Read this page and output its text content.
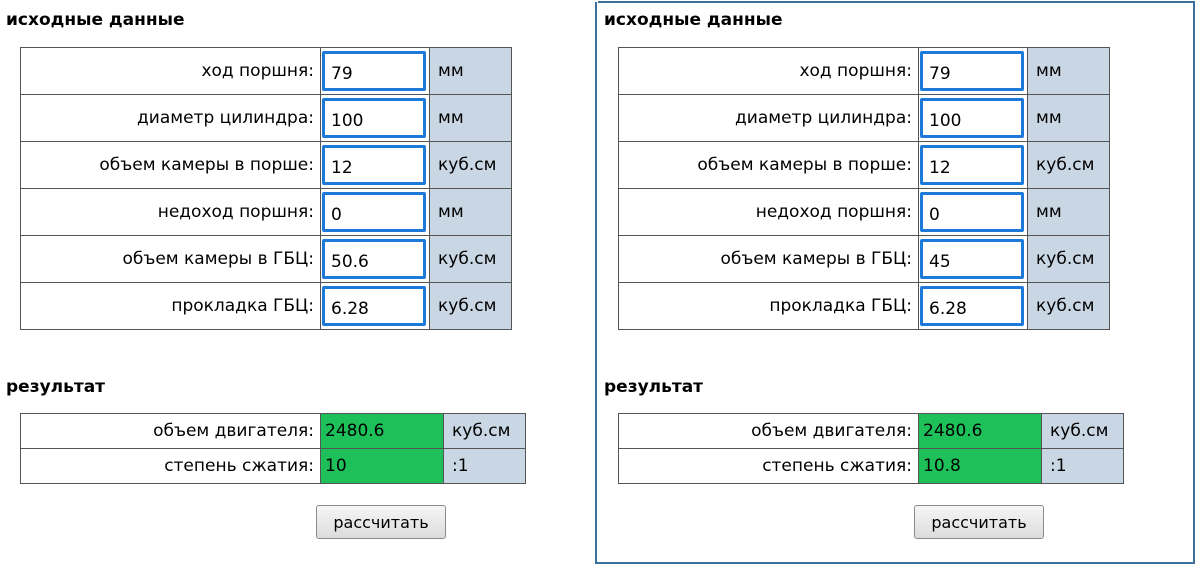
исходные данные
ход поршня:	79	мм
диаметр цилиндра:	100	мм
объем камеры в порше:	12	куб.см
недоход поршня:	0	мм
объем камеры в ГБЦ:	50.6	куб.см
прокладка ГБЦ:	6.28	куб.см
результат
объем двигателя:	2480.6	куб.см
степень сжатия:	10	:1
рассчитать
исходные данные
ход поршня:	79	мм
диаметр цилиндра:	100	мм
объем камеры в порше:	12	куб.см
недоход поршня:	0	мм
объем камеры в ГБЦ:	45	куб.см
прокладка ГБЦ:	6.28	куб.см
результат
объем двигателя:	2480.6	куб.см
степень сжатия:	10.8	:1
рассчитать
